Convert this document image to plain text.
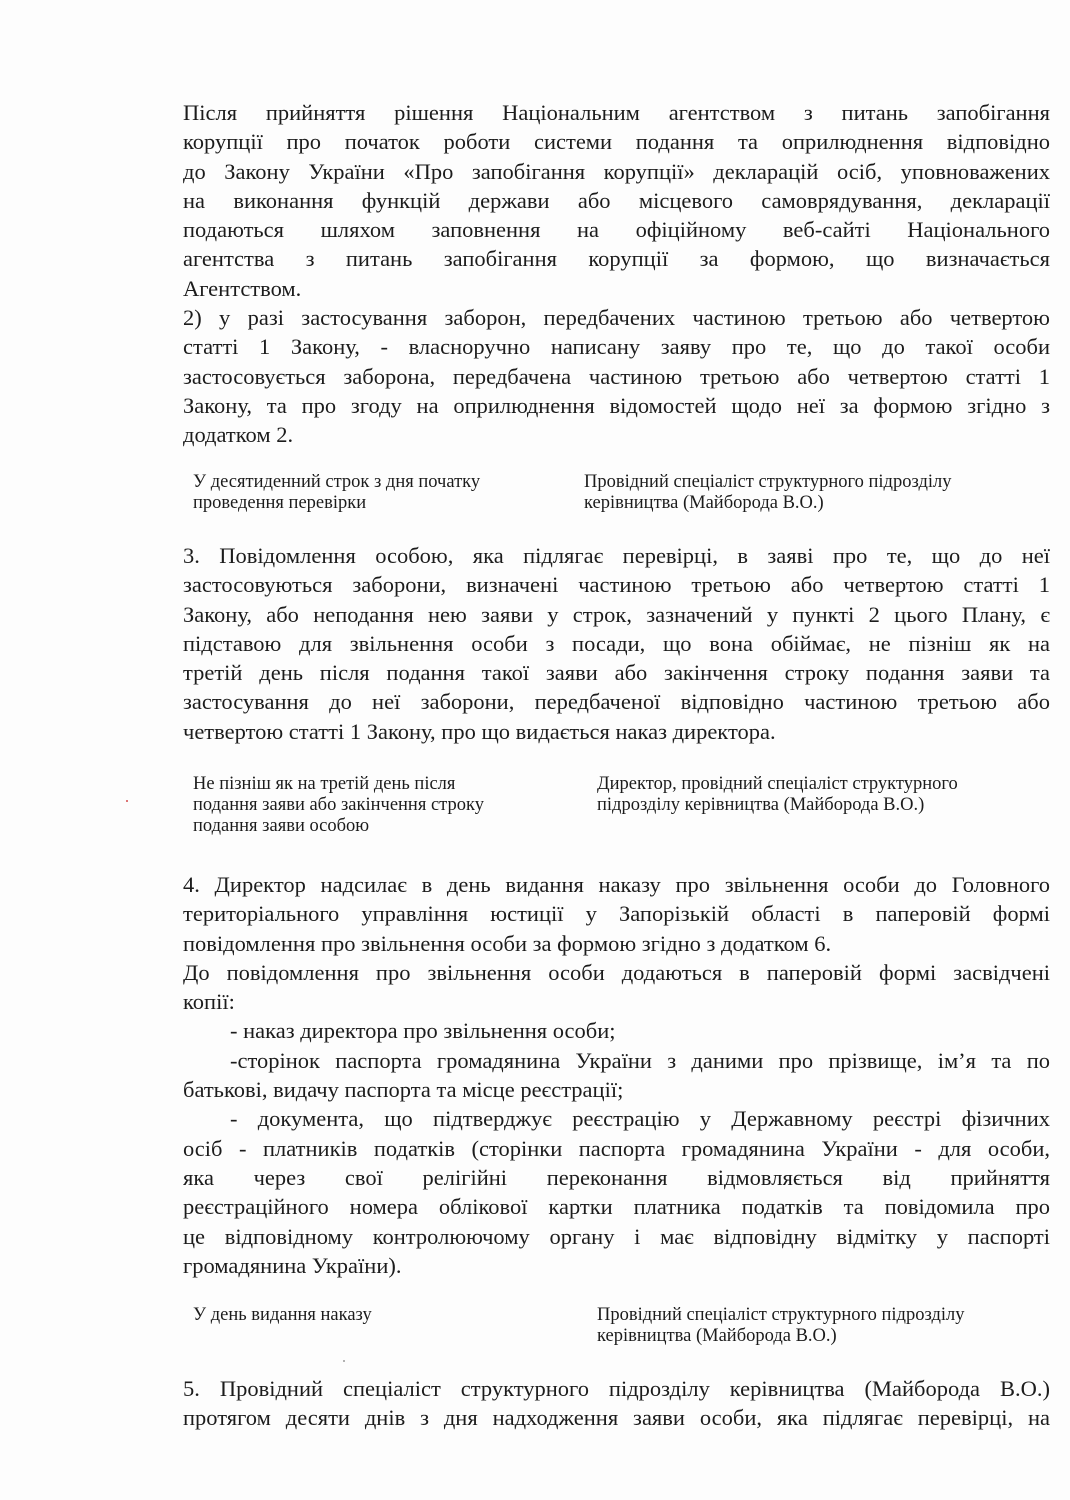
Після прийняття рішення Національним агентством з питань запобігання
корупції про початок роботи системи подання та оприлюднення відповідно
до Закону України «Про запобігання корупції» декларацій осіб, уповноважених
на виконання функцій держави або місцевого самоврядування, декларації
подаються шляхом заповнення на офіційному веб-сайті Національного
агентства з питань запобігання корупції за формою, що визначається
Агентством.
2) у разі застосування заборон, передбачених частиною третьою або четвертою
статті 1 Закону, - власноручно написану заяву про те, що до такої особи
застосовується заборона, передбачена частиною третьою або четвертою статті 1
Закону, та про згоду на оприлюднення відомостей щодо неї за формою згідно з
додатком 2.
У десятиденний строк з дня початку
проведення перевірки
Провідний спеціаліст структурного підрозділу
керівництва (Майборода В.О.)
3. Повідомлення особою, яка підлягає перевірці, в заяві про те, що до неї
застосовуються заборони, визначені частиною третьою або четвертою статті 1
Закону, або неподання нею заяви у строк, зазначений у пункті 2 цього Плану, є
підставою для звільнення особи з посади, що вона обіймає, не пізніш як на
третій день після подання такої заяви або закінчення строку подання заяви та
застосування до неї заборони, передбаченої відповідно частиною третьою або
четвертою статті 1 Закону, про що видається наказ директора.
Не пізніш як на третій день після
подання заяви або закінчення строку
подання заяви особою
Директор, провідний спеціаліст структурного
підрозділу керівництва (Майборода В.О.)
4. Директор надсилає в день видання наказу про звільнення особи до Головного
територіального управління юстиції у Запорізькій області в паперовій формі
повідомлення про звільнення особи за формою згідно з додатком 6.
До повідомлення про звільнення особи додаються в паперовій формі засвідчені
копії:
- наказ директора про звільнення особи;
-сторінок паспорта громадянина України з даними про прізвище, ім’я та по
батькові, видачу паспорта та місце реєстрації;
- документа, що підтверджує реєстрацію у Державному реєстрі фізичних
осіб - платників податків (сторінки паспорта громадянина України - для особи,
яка через свої релігійні переконання відмовляється від прийняття
реєстраційного номера облікової картки платника податків та повідомила про
це відповідному контролюючому органу і має відповідну відмітку у паспорті
громадянина України).
У день видання наказу	Провідний спеціаліст структурного підрозділу
керівництва (Майборода В.О.)
5. Провідний спеціаліст структурного підрозділу керівництва (Майборода В.О.)
протягом десяти днів з дня надходження заяви особи, яка підлягає перевірці, на
